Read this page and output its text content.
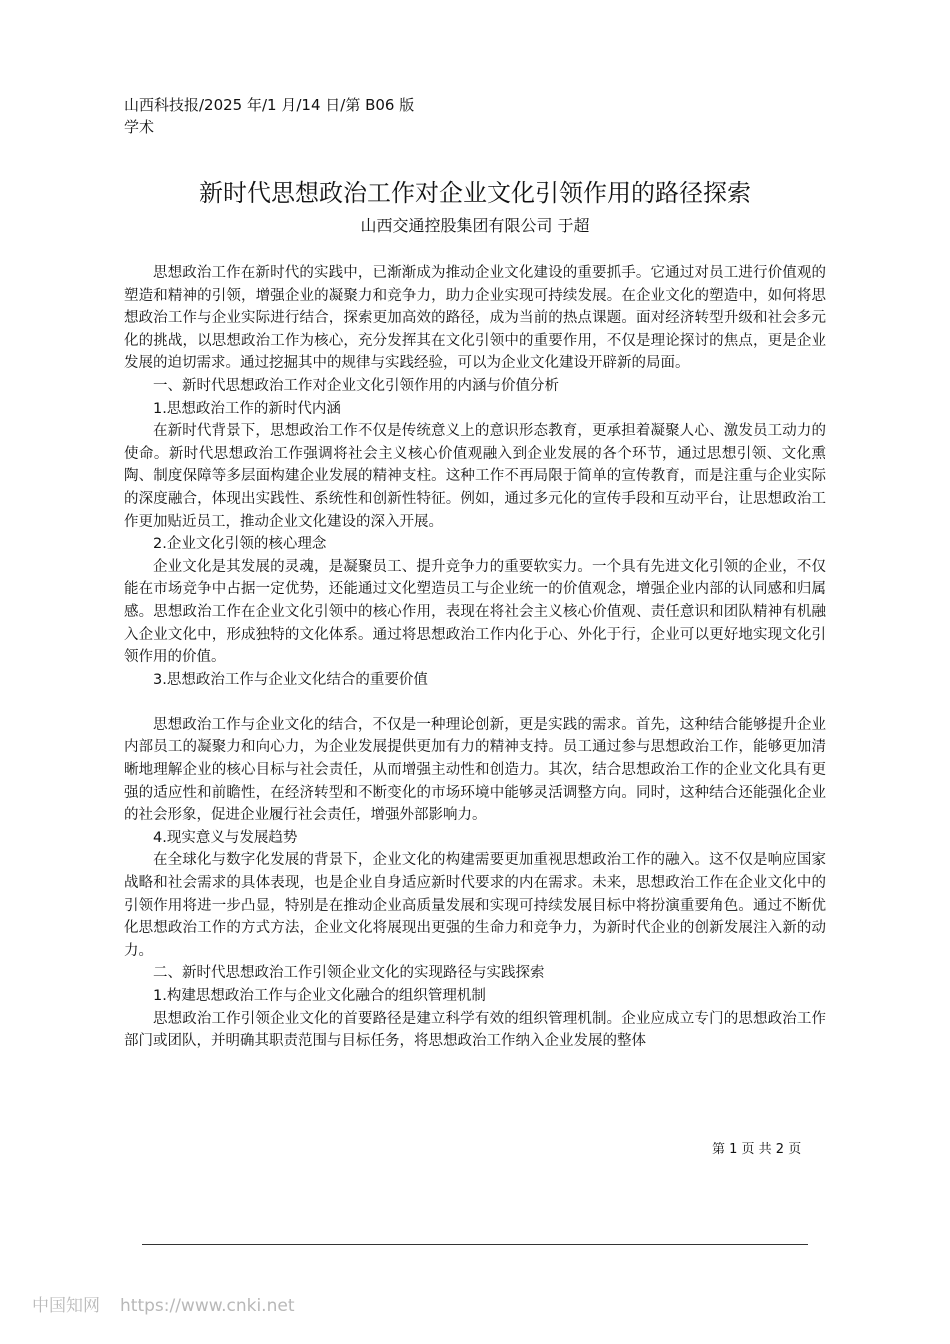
山西科技报/2025 年/1 月/14 日/第 B06 版学术
新时代思想政治工作对企业文化引领作用的路径探索
山西交通控股集团有限公司 于超

思想政治工作在新时代的实践中，已渐渐成为推动企业文化建设的重要抓手。它通过对员工进行价值观的塑造和精神的引领，增强企业的凝聚力和竞争力，助力企业实现可持续发展。在企业文化的塑造中，如何将思想政治工作与企业实际进行结合，探索更加高效的路径，成为当前的热点课题。面对经济转型升级和社会多元化的挑战，以思想政治工作为核心，充分发挥其在文化引领中的重要作用，不仅是理论探讨的焦点，更是企业发展的迫切需求。通过挖掘其中的规律与实践经验，可以为企业文化建设开辟新的局面。

一、新时代思想政治工作对企业文化引领作用的内涵与价值分析

1.思想政治工作的新时代内涵

在新时代背景下，思想政治工作不仅是传统意义上的意识形态教育，更承担着凝聚人心、激发员工动力的使命。新时代思想政治工作强调将社会主义核心价值观融入到企业发展的各个环节，通过思想引领、文化熏陶、制度保障等多层面构建企业发展的精神支柱。这种工作不再局限于简单的宣传教育，而是注重与企业实际的深度融合，体现出实践性、系统性和创新性特征。例如，通过多元化的宣传手段和互动平台，让思想政治工作更加贴近员工，推动企业文化建设的深入开展。

2.企业文化引领的核心理念

企业文化是其发展的灵魂，是凝聚员工、提升竞争力的重要软实力。一个具有先进文化引领的企业，不仅能在市场竞争中占据一定优势，还能通过文化塑造员工与企业统一的价值观念，增强企业内部的认同感和归属感。思想政治工作在企业文化引领中的核心作用，表现在将社会主义核心价值观、责任意识和团队精神有机融入企业文化中，形成独特的文化体系。通过将思想政治工作内化于心、外化于行，企业可以更好地实现文化引领作用的价值。

3.思想政治工作与企业文化结合的重要价值

思想政治工作与企业文化的结合，不仅是一种理论创新，更是实践的需求。首先，这种结合能够提升企业内部员工的凝聚力和向心力，为企业发展提供更加有力的精神支持。员工通过参与思想政治工作，能够更加清晰地理解企业的核心目标与社会责任，从而增强主动性和创造力。其次，结合思想政治工作的企业文化具有更强的适应性和前瞻性，在经济转型和不断变化的市场环境中能够灵活调整方向。同时，这种结合还能强化企业的社会形象，促进企业履行社会责任，增强外部影响力。

4.现实意义与发展趋势

在全球化与数字化发展的背景下，企业文化的构建需要更加重视思想政治工作的融入。这不仅是响应国家战略和社会需求的具体表现，也是企业自身适应新时代要求的内在需求。未来，思想政治工作在企业文化中的引领作用将进一步凸显，特别是在推动企业高质量发展和实现可持续发展目标中将扮演重要角色。通过不断优化思想政治工作的方式方法，企业文化将展现出更强的生命力和竞争力，为新时代企业的创新发展注入新的动力。

二、新时代思想政治工作引领企业文化的实现路径与实践探索

1.构建思想政治工作与企业文化融合的组织管理机制

思想政治工作引领企业文化的首要路径是建立科学有效的组织管理机制。企业应成立专门的思想政治工作部门或团队，并明确其职责范围与目标任务，将思想政治工作纳入企业发展的整体

第 1 页 共 2 页
中国知网 https://www.cnki.net
